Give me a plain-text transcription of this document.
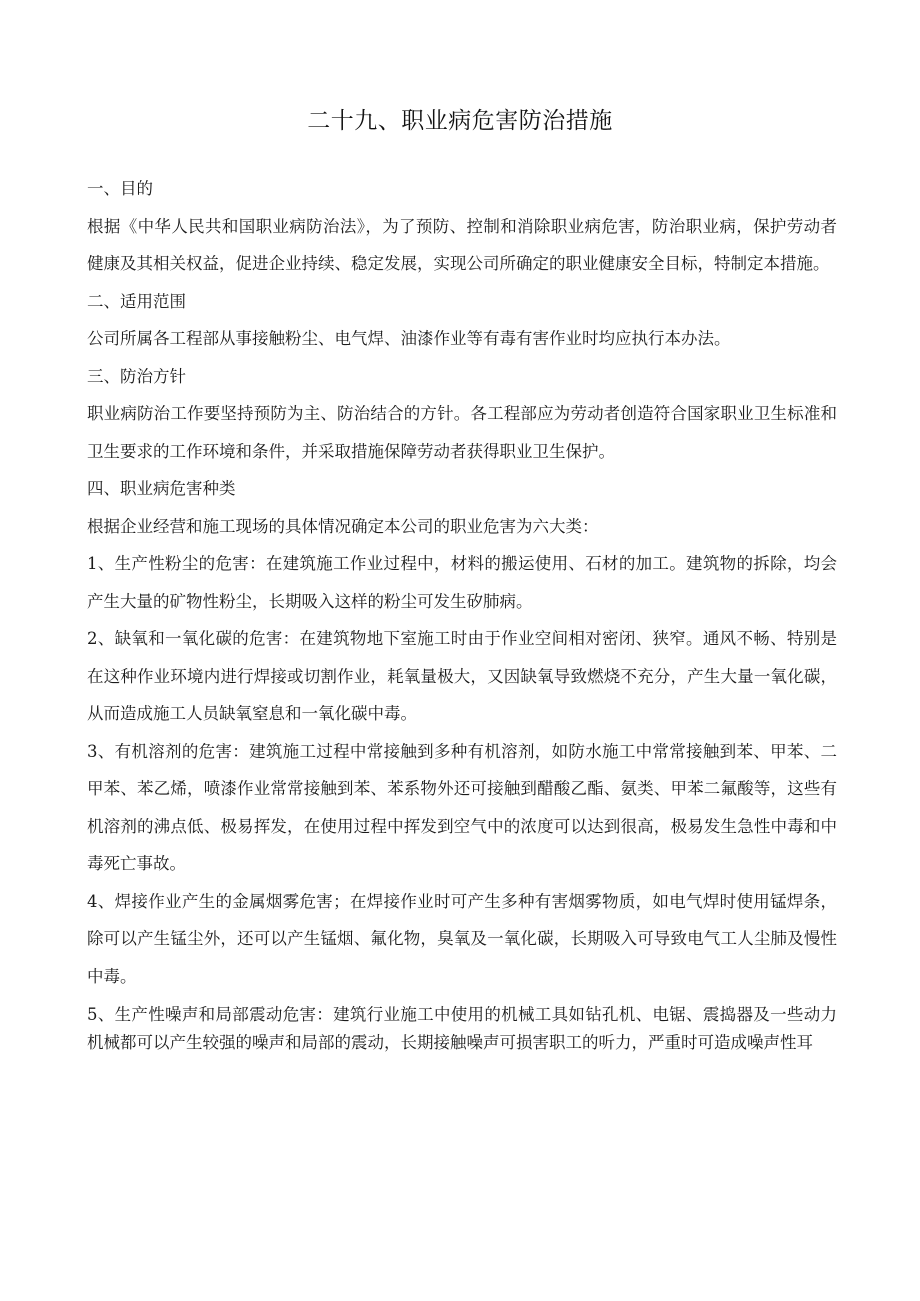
二十九、职业病危害防治措施

一、目的

根据《中华人民共和国职业病防治法》，为了预防、控制和消除职业病危害，防治职业病，保护劳动者健康及其相关权益，促进企业持续、稳定发展，实现公司所确定的职业健康安全目标，特制定本措施。

二、适用范围

公司所属各工程部从事接触粉尘、电气焊、油漆作业等有毒有害作业时均应执行本办法。

三、防治方针

职业病防治工作要坚持预防为主、防治结合的方针。各工程部应为劳动者创造符合国家职业卫生标准和卫生要求的工作环境和条件，并采取措施保障劳动者获得职业卫生保护。

四、职业病危害种类

根据企业经营和施工现场的具体情况确定本公司的职业危害为六大类：

1、生产性粉尘的危害：在建筑施工作业过程中，材料的搬运使用、石材的加工。建筑物的拆除，均会产生大量的矿物性粉尘，长期吸入这样的粉尘可发生矽肺病。

2、缺氧和一氧化碳的危害：在建筑物地下室施工时由于作业空间相对密闭、狭窄。通风不畅、特别是在这种作业环境内进行焊接或切割作业，耗氧量极大，又因缺氧导致燃烧不充分，产生大量一氧化碳，从而造成施工人员缺氧窒息和一氧化碳中毒。

3、有机溶剂的危害：建筑施工过程中常接触到多种有机溶剂，如防水施工中常常接触到苯、甲苯、二甲苯、苯乙烯，喷漆作业常常接触到苯、苯系物外还可接触到醋酸乙酯、氨类、甲苯二氟酸等，这些有机溶剂的沸点低、极易挥发，在使用过程中挥发到空气中的浓度可以达到很高，极易发生急性中毒和中毒死亡事故。

4、焊接作业产生的金属烟雾危害；在焊接作业时可产生多种有害烟雾物质，如电气焊时使用锰焊条，除可以产生锰尘外，还可以产生锰烟、氟化物，臭氧及一氧化碳，长期吸入可导致电气工人尘肺及慢性中毒。

5、生产性噪声和局部震动危害：建筑行业施工中使用的机械工具如钻孔机、电锯、震捣器及一些动力机械都可以产生较强的噪声和局部的震动，长期接触噪声可损害职工的听力，严重时可造成噪声性耳
